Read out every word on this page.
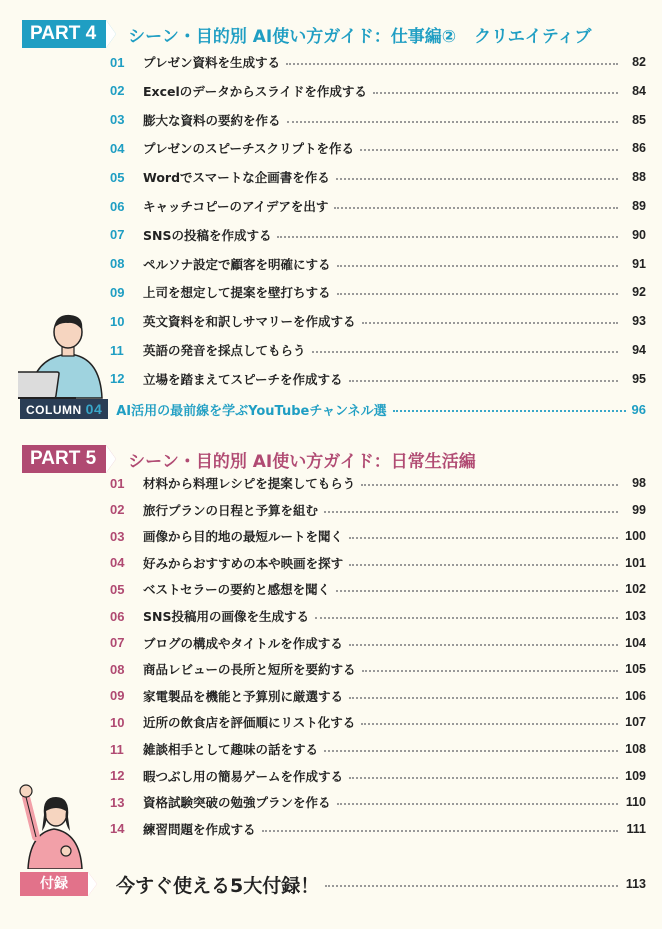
PART 4	シーン・目的別 AI使い方ガイド：仕事編② クリエイティブ
01	プレゼン資料を生成する	82
02	Excelのデータからスライドを作成する	84
03	膨大な資料の要約を作る	85
04	プレゼンのスピーチスクリプトを作る	86
05	Wordでスマートな企画書を作る	88
06	キャッチコピーのアイデアを出す	89
07	SNSの投稿を作成する	90
08	ペルソナ設定で顧客を明確にする	91
09	上司を想定して提案を壁打ちする	92
10	英文資料を和訳しサマリーを作成する	93
11	英語の発音を採点してもらう	94
12	立場を踏まえてスピーチを作成する	95
COLUMN 04	AI活用の最前線を学ぶYouTubeチャンネル選	96
PART 5	シーン・目的別 AI使い方ガイド：日常生活編
01	材料から料理レシピを提案してもらう	98
02	旅行プランの日程と予算を組む	99
03	画像から目的地の最短ルートを聞く	100
04	好みからおすすめの本や映画を探す	101
05	ベストセラーの要約と感想を聞く	102
06	SNS投稿用の画像を生成する	103
07	ブログの構成やタイトルを作成する	104
08	商品レビューの長所と短所を要約する	105
09	家電製品を機能と予算別に厳選する	106
10	近所の飲食店を評価順にリスト化する	107
11	雑談相手として趣味の話をする	108
12	暇つぶし用の簡易ゲームを作成する	109
13	資格試験突破の勉強プランを作る	110
14	練習問題を作成する	111
付録	今すぐ使える5大付録！	113
